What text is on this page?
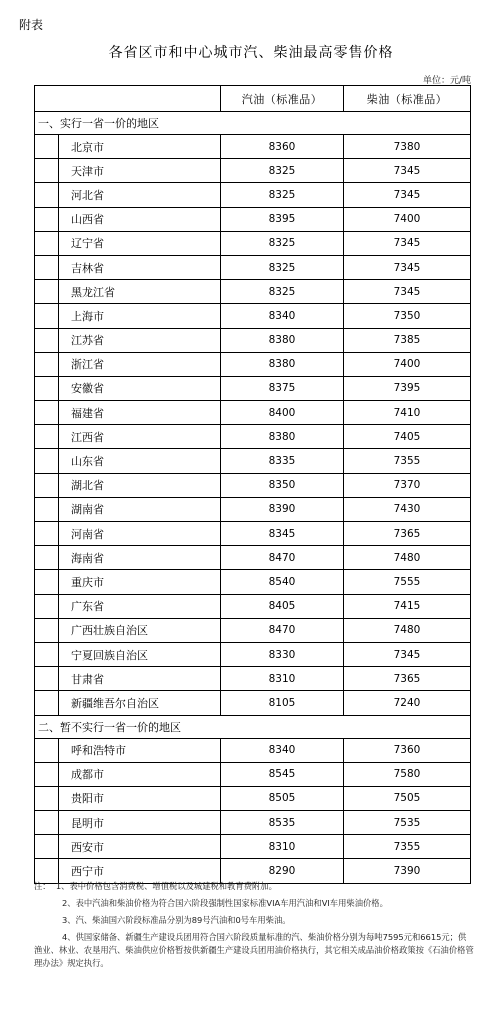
附表
各省区市和中心城市汽、柴油最高零售价格
单位：元/吨
		汽油（标准品）	柴油（标准品）
一、实行一省一价的地区			
	北京市	8360	7380
	天津市	8325	7345
	河北省	8325	7345
	山西省	8395	7400
	辽宁省	8325	7345
	吉林省	8325	7345
	黑龙江省	8325	7345
	上海市	8340	7350
	江苏省	8380	7385
	浙江省	8380	7400
	安徽省	8375	7395
	福建省	8400	7410
	江西省	8380	7405
	山东省	8335	7355
	湖北省	8350	7370
	湖南省	8390	7430
	河南省	8345	7365
	海南省	8470	7480
	重庆市	8540	7555
	广东省	8405	7415
	广西壮族自治区	8470	7480
	宁夏回族自治区	8330	7345
	甘肃省	8310	7365
	新疆维吾尔自治区	8105	7240
二、暂不实行一省一价的地区			
	呼和浩特市	8340	7360
	成都市	8545	7580
	贵阳市	8505	7505
	昆明市	8535	7535
	西安市	8310	7355
	西宁市	8290	7390

注： 1、表中价格包含消费税、增值税以及城建税和教育费附加。

2、表中汽油和柴油价格为符合国六阶段强制性国家标准VIA车用汽油和VI车用柴油价格。

3、汽、柴油国六阶段标准品分别为89号汽油和0号车用柴油。

4、供国家储备、新疆生产建设兵团用符合国六阶段质量标准的汽、柴油价格分别为每吨7595元和6615元；供渔业、林业、农垦用汽、柴油供应价格暂按供新疆生产建设兵团用油价格执行，其它相关成品油价格政策按《石油价格管理办法》规定执行。
